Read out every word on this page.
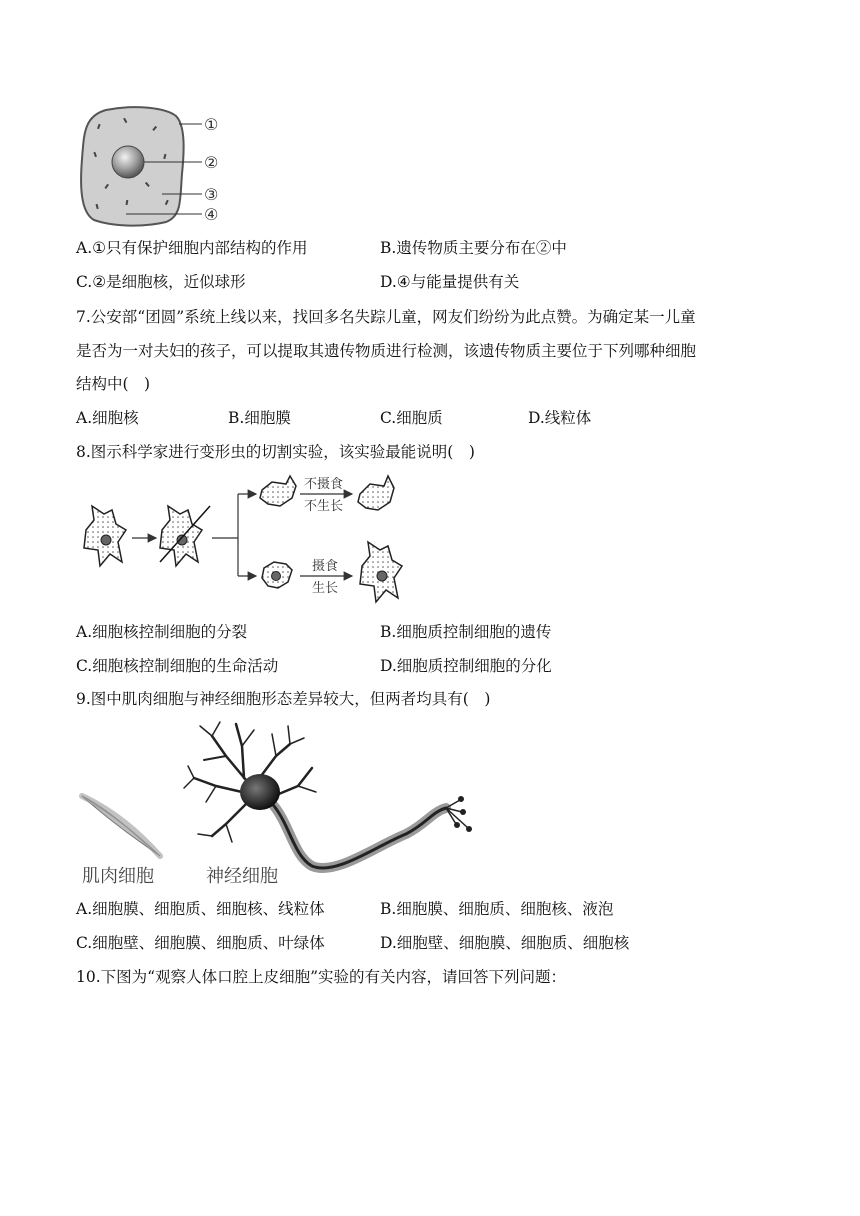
①
②
③
④
A.①只有保护细胞内部结构的作用	B.遗传物质主要分布在②中
C.②是细胞核，近似球形	D.④与能量提供有关
7.公安部“团圆”系统上线以来，找回多名失踪儿童，网友们纷纷为此点赞。为确定某一儿童
是否为一对夫妇的孩子，可以提取其遗传物质进行检测，该遗传物质主要位于下列哪种细胞
结构中(　)
A.细胞核	B.细胞膜	C.细胞质	D.线粒体
8.图示科学家进行变形虫的切割实验，该实验最能说明(　)
不摄食
不生长
摄食
生长
A.细胞核控制细胞的分裂	B.细胞质控制细胞的遗传
C.细胞核控制细胞的生命活动	D.细胞质控制细胞的分化
9.图中肌肉细胞与神经细胞形态差异较大，但两者均具有(　)
肌肉细胞	神经细胞
A.细胞膜、细胞质、细胞核、线粒体	B.细胞膜、细胞质、细胞核、液泡
C.细胞壁、细胞膜、细胞质、叶绿体	D.细胞壁、细胞膜、细胞质、细胞核
10.下图为“观察人体口腔上皮细胞”实验的有关内容，请回答下列问题：
